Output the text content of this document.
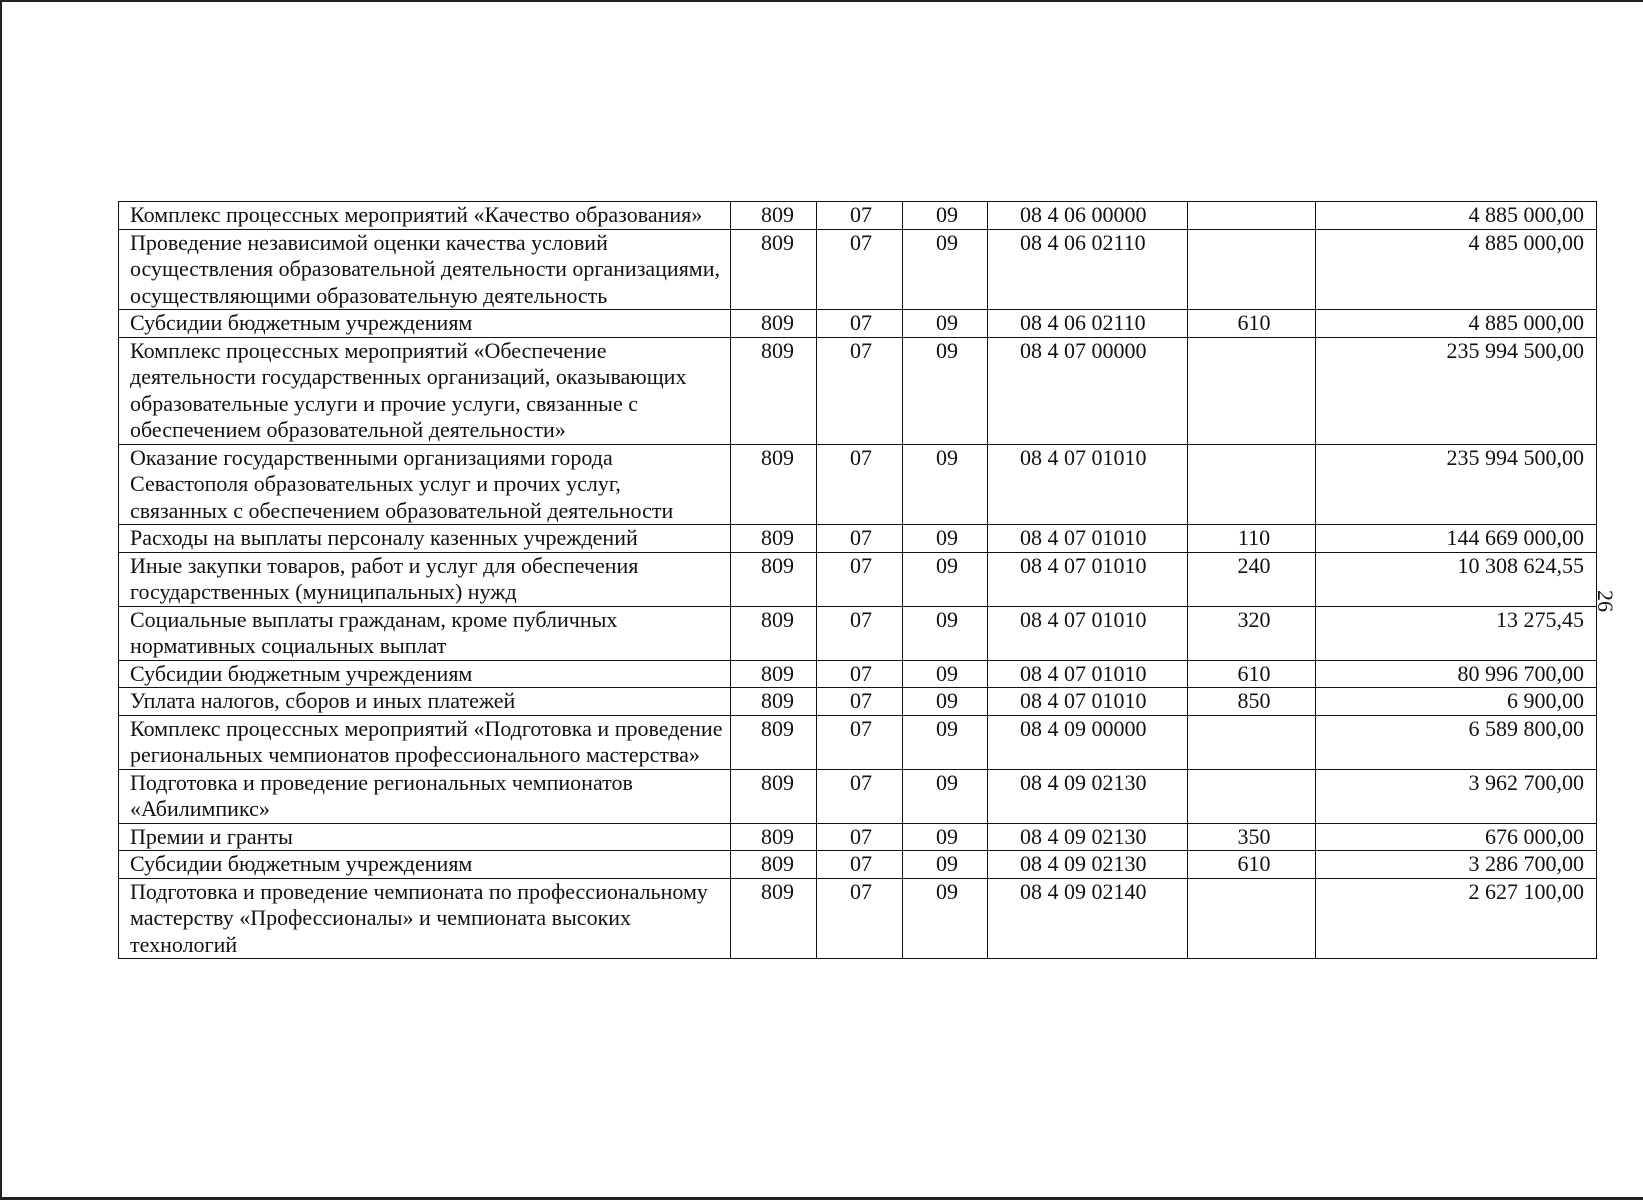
26
Комплекс процессных мероприятий «Качество образования»	809	07	09	08 4 06 00000		4 885 000,00
Проведение независимой оценки качества условий осуществления образовательной деятельности организациями, осуществляющими образовательную деятельность	809	07	09	08 4 06 02110		4 885 000,00
Субсидии бюджетным учреждениям	809	07	09	08 4 06 02110	610	4 885 000,00
Комплекс процессных мероприятий «Обеспечение деятельности государственных организаций, оказывающих образовательные услуги и прочие услуги, связанные с обеспечением образовательной деятельности»	809	07	09	08 4 07 00000		235 994 500,00
Оказание государственными организациями города Севастополя образовательных услуг и прочих услуг, связанных с обеспечением образовательной деятельности	809	07	09	08 4 07 01010		235 994 500,00
Расходы на выплаты персоналу казенных учреждений	809	07	09	08 4 07 01010	110	144 669 000,00
Иные закупки товаров, работ и услуг для обеспечения государственных (муниципальных) нужд	809	07	09	08 4 07 01010	240	10 308 624,55
Социальные выплаты гражданам, кроме публичных нормативных социальных выплат	809	07	09	08 4 07 01010	320	13 275,45
Субсидии бюджетным учреждениям	809	07	09	08 4 07 01010	610	80 996 700,00
Уплата налогов, сборов и иных платежей	809	07	09	08 4 07 01010	850	6 900,00
Комплекс процессных мероприятий «Подготовка и проведение региональных чемпионатов профессионального мастерства»	809	07	09	08 4 09 00000		6 589 800,00
Подготовка и проведение региональных чемпионатов «Абилимпикс»	809	07	09	08 4 09 02130		3 962 700,00
Премии и гранты	809	07	09	08 4 09 02130	350	676 000,00
Субсидии бюджетным учреждениям	809	07	09	08 4 09 02130	610	3 286 700,00
Подготовка и проведение чемпионата по профессиональному мастерству «Профессионалы» и чемпионата высоких технологий	809	07	09	08 4 09 02140		2 627 100,00
